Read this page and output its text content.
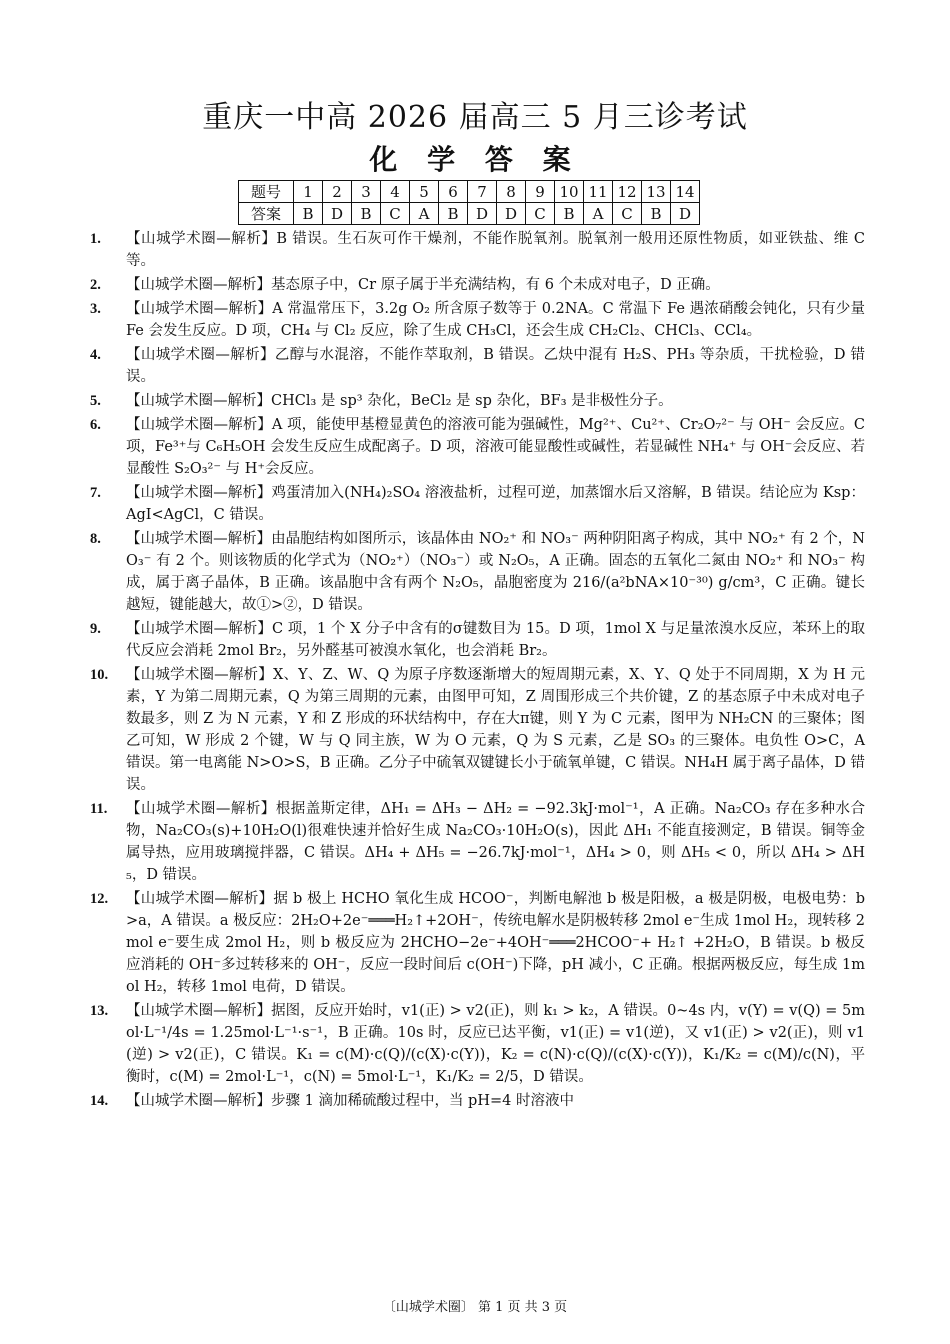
重庆一中高 2026 届高三 5 月三诊考试
化 学 答 案
题号	1	2	3	4	5	6	7	8	9	10	11	12	13	14
答案	B	D	B	C	A	B	D	D	C	B	A	C	B	D
1.	【山城学术圈—解析】B 错误。生石灰可作干燥剂，不能作脱氧剂。脱氧剂一般用还原性物质，如亚铁盐、维 C 等。
2.	【山城学术圈—解析】基态原子中，Cr 原子属于半充满结构，有 6 个未成对电子，D 正确。
3.	【山城学术圈—解析】A 常温常压下，3.2g O₂ 所含原子数等于 0.2NA。C 常温下 Fe 遇浓硝酸会钝化，只有少量 Fe 会发生反应。D 项，CH₄ 与 Cl₂ 反应，除了生成 CH₃Cl，还会生成 CH₂Cl₂、CHCl₃、CCl₄。
4.	【山城学术圈—解析】乙醇与水混溶，不能作萃取剂，B 错误。乙炔中混有 H₂S、PH₃ 等杂质，干扰检验，D 错误。
5.	【山城学术圈—解析】CHCl₃ 是 sp³ 杂化，BeCl₂ 是 sp 杂化，BF₃ 是非极性分子。
6.	【山城学术圈—解析】A 项，能使甲基橙显黄色的溶液可能为强碱性，Mg²⁺、Cu²⁺、Cr₂O₇²⁻ 与 OH⁻ 会反应。C 项，Fe³⁺与 C₆H₅OH 会发生反应生成配离子。D 项，溶液可能显酸性或碱性，若显碱性 NH₄⁺ 与 OH⁻会反应、若显酸性 S₂O₃²⁻ 与 H⁺会反应。
7.	【山城学术圈—解析】鸡蛋清加入(NH₄)₂SO₄ 溶液盐析，过程可逆，加蒸馏水后又溶解，B 错误。结论应为 Ksp：AgI<AgCl，C 错误。
8.	【山城学术圈—解析】由晶胞结构如图所示，该晶体由 NO₂⁺ 和 NO₃⁻ 两种阴阳离子构成，其中 NO₂⁺ 有 2 个，NO₃⁻ 有 2 个。则该物质的化学式为（NO₂⁺）（NO₃⁻）或 N₂O₅，A 正确。固态的五氧化二氮由 NO₂⁺ 和 NO₃⁻ 构成，属于离子晶体，B 正确。该晶胞中含有两个 N₂O₅，晶胞密度为 216/(a²bNA×10⁻³⁰) g/cm³，C 正确。键长越短，键能越大，故①>②，D 错误。
9.	【山城学术圈—解析】C 项，1 个 X 分子中含有的σ键数目为 15。D 项，1mol X 与足量浓溴水反应，苯环上的取代反应会消耗 2mol Br₂，另外醛基可被溴水氧化，也会消耗 Br₂。
10.	【山城学术圈—解析】X、Y、Z、W、Q 为原子序数逐渐增大的短周期元素，X、Y、Q 处于不同周期，X 为 H 元素，Y 为第二周期元素，Q 为第三周期的元素，由图甲可知，Z 周围形成三个共价键，Z 的基态原子中未成对电子数最多，则 Z 为 N 元素，Y 和 Z 形成的环状结构中，存在大π键，则 Y 为 C 元素，图甲为 NH₂CN 的三聚体；图乙可知，W 形成 2 个键，W 与 Q 同主族，W 为 O 元素，Q 为 S 元素，乙是 SO₃ 的三聚体。电负性 O>C，A 错误。第一电离能 N>O>S，B 正确。乙分子中硫氧双键键长小于硫氧单键，C 错误。NH₄H 属于离子晶体，D 错误。
11.	【山城学术圈—解析】根据盖斯定律，ΔH₁ = ΔH₃ − ΔH₂ = −92.3kJ·mol⁻¹，A 正确。Na₂CO₃ 存在多种水合物，Na₂CO₃(s)+10H₂O(l)很难快速并恰好生成 Na₂CO₃·10H₂O(s)，因此 ΔH₁ 不能直接测定，B 错误。铜等金属导热，应用玻璃搅拌器，C 错误。ΔH₄ + ΔH₅ = −26.7kJ·mol⁻¹，ΔH₄ > 0，则 ΔH₅ < 0，所以 ΔH₄ > ΔH₅，D 错误。
12.	【山城学术圈—解析】据 b 极上 HCHO 氧化生成 HCOO⁻，判断电解池 b 极是阳极，a 极是阴极，电极电势：b>a，A 错误。a 极反应：2H₂O+2e⁻═══H₂↑+2OH⁻，传统电解水是阴极转移 2mol e⁻生成 1mol H₂，现转移 2mol e⁻要生成 2mol H₂，则 b 极反应为 2HCHO−2e⁻+4OH⁻═══2HCOO⁻+ H₂↑ +2H₂O，B 错误。b 极反应消耗的 OH⁻多过转移来的 OH⁻，反应一段时间后 c(OH⁻)下降，pH 减小，C 正确。根据两极反应，每生成 1mol H₂，转移 1mol 电荷，D 错误。
13.	【山城学术圈—解析】据图，反应开始时，v1(正) > v2(正)，则 k₁ > k₂，A 错误。0~4s 内，v(Y) = v(Q) = 5mol·L⁻¹/4s = 1.25mol·L⁻¹·s⁻¹，B 正确。10s 时，反应已达平衡，v1(正) = v1(逆)，又 v1(正) > v2(正)，则 v1(逆) > v2(正)，C 错误。K₁ = c(M)·c(Q)/(c(X)·c(Y))，K₂ = c(N)·c(Q)/(c(X)·c(Y))，K₁/K₂ = c(M)/c(N)，平衡时，c(M) = 2mol·L⁻¹，c(N) = 5mol·L⁻¹，K₁/K₂ = 2/5，D 错误。
14.	【山城学术圈—解析】步骤 1 滴加稀硫酸过程中，当 pH=4 时溶液中
〔山城学术圈〕 第 1 页 共 3 页
